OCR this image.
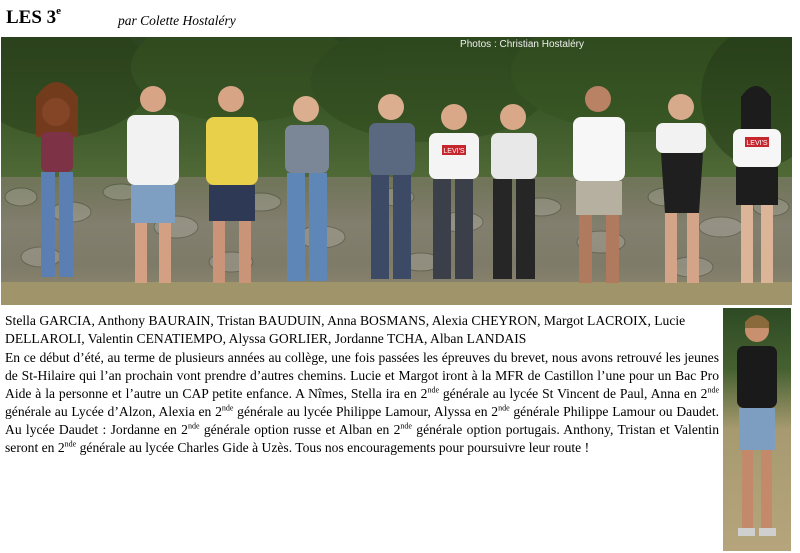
LES 3e
par Colette Hostaléry
LEVI'S
LEVI'S
Photos : Christian Hostaléry
Stella GARCIA, Anthony BAURAIN, Tristan BAUDUIN, Anna BOSMANS, Alexia CHEYRON, Margot LACROIX, Lucie DELLAROLI, Valentin CENATIEMPO, Alyssa GORLIER, Jordanne TCHA, Alban LANDAIS
En ce début d’été, au terme de plusieurs années au collège, une fois passées les épreuves du brevet, nous avons retrouvé les jeunes de St-Hilaire qui l’an prochain vont prendre d’autres chemins. Lucie et Margot iront à la MFR de Castillon l’une pour un Bac Pro Aide à la personne et l’autre un CAP petite enfance. A Nîmes, Stella ira en 2nde générale au lycée St Vincent de Paul, Anna en 2nde générale au Lycée d’Alzon, Alexia en 2nde générale au lycée Philippe Lamour, Alyssa en 2nde générale Philippe Lamour ou Daudet. Au lycée Daudet : Jordanne en 2nde générale option russe et Alban en 2nde générale option portugais. Anthony, Tristan et Valentin seront en 2nde générale au lycée Charles Gide à Uzès. Tous nos encouragements pour poursuivre leur route !
